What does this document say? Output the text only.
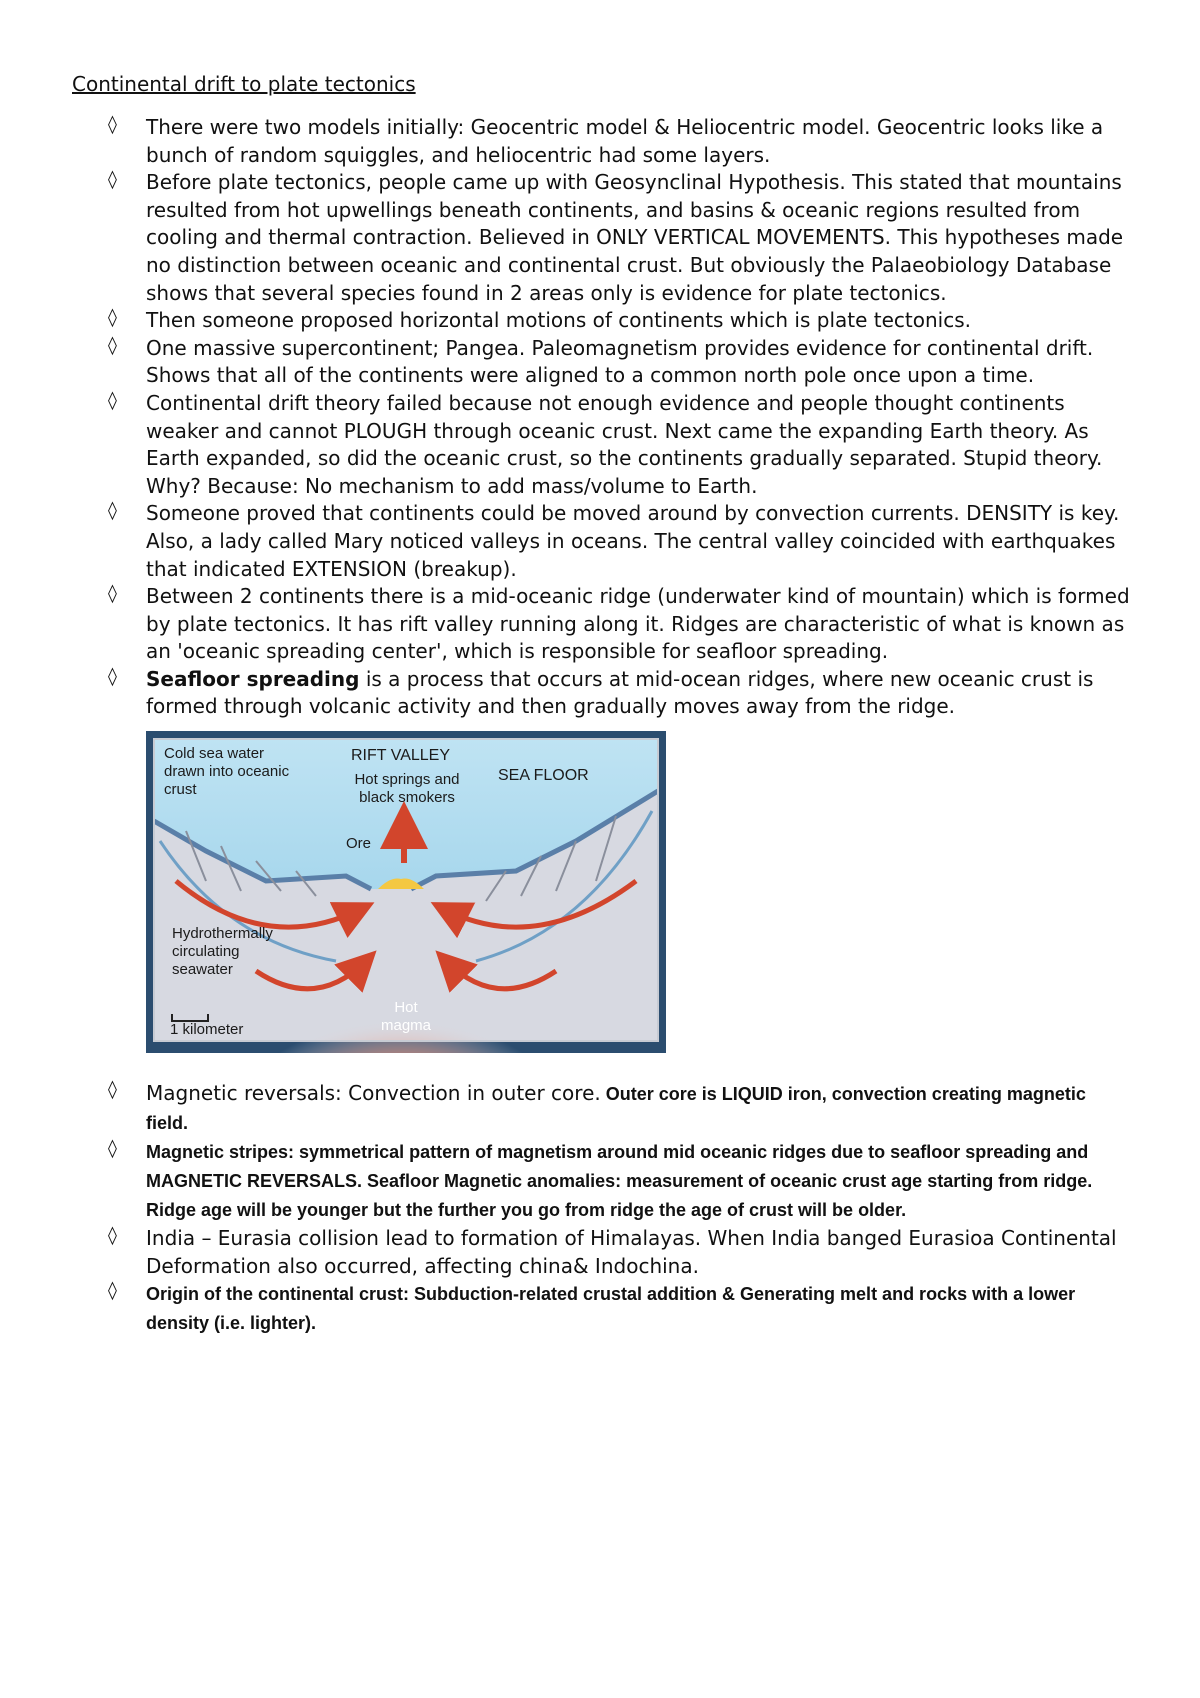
Continental drift to plate tectonics
◊ There were two models initially: Geocentric model & Heliocentric model. Geocentric looks like a bunch of random squiggles, and heliocentric had some layers.
◊ Before plate tectonics, people came up with Geosynclinal Hypothesis. This stated that mountains resulted from hot upwellings beneath continents, and basins & oceanic regions resulted from cooling and thermal contraction. Believed in ONLY VERTICAL MOVEMENTS. This hypotheses made no distinction between oceanic and continental crust. But obviously the Palaeobiology Database shows that several species found in 2 areas only is evidence for plate tectonics.
◊ Then someone proposed horizontal motions of continents which is plate tectonics.
◊ One massive supercontinent; Pangea. Paleomagnetism provides evidence for continental drift. Shows that all of the continents were aligned to a common north pole once upon a time.
◊ Continental drift theory failed because not enough evidence and people thought continents weaker and cannot PLOUGH through oceanic crust. Next came the expanding Earth theory. As Earth expanded, so did the oceanic crust, so the continents gradually separated. Stupid theory. Why? Because: No mechanism to add mass/volume to Earth.
◊ Someone proved that continents could be moved around by convection currents. DENSITY is key. Also, a lady called Mary noticed valleys in oceans. The central valley coincided with earthquakes that indicated EXTENSION (breakup).
◊ Between 2 continents there is a mid-oceanic ridge (underwater kind of mountain) which is formed by plate tectonics. It has rift valley running along it. Ridges are characteristic of what is known as an 'oceanic spreading center', which is responsible for seafloor spreading.
◊ Seafloor spreading is a process that occurs at mid-ocean ridges, where new oceanic crust is formed through volcanic activity and then gradually moves away from the ridge.
Cold sea water drawn into oceanic crust
RIFT VALLEY
Hot springs and black smokers
SEA FLOOR
Ore
Hydrothermally circulating seawater
1 kilometer
Hot magma
◊ Magnetic reversals: Convection in outer core. Outer core is LIQUID iron, convection creating magnetic field.
◊ Magnetic stripes: symmetrical pattern of magnetism around mid oceanic ridges due to seafloor spreading and MAGNETIC REVERSALS. Seafloor Magnetic anomalies: measurement of oceanic crust age starting from ridge. Ridge age will be younger but the further you go from ridge the age of crust will be older.
◊ India – Eurasia collision lead to formation of Himalayas. When India banged Eurasioa Continental Deformation also occurred, affecting china& Indochina.
◊ Origin of the continental crust: Subduction-related crustal addition & Generating melt and rocks with a lower density (i.e. lighter).
